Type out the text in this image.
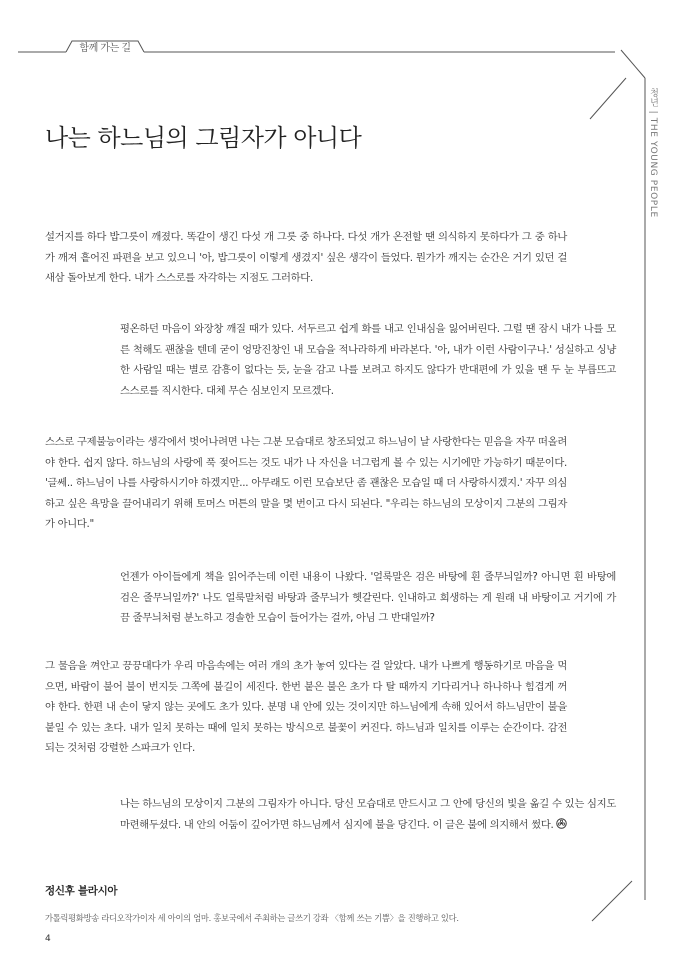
함께 가는 길
청년 | THE YOUNG PEOPLE
나는 하느님의 그림자가 아니다

설거지를 하다 밥그릇이 깨졌다. 똑같이 생긴 다섯 개 그릇 중 하나다. 다섯 개가 온전할 땐 의식하지 못하다가 그 중 하나가 깨져 흩어진 파편을 보고 있으니 '아, 밥그릇이 이렇게 생겼지' 싶은 생각이 들었다. 뭔가가 깨지는 순간은 거기 있던 걸 새삼 돌아보게 한다. 내가 스스로를 자각하는 지점도 그러하다.

평온하던 마음이 와장창 깨질 때가 있다. 서두르고 쉽게 화를 내고 인내심을 잃어버린다. 그럴 땐 잠시 내가 나를 모른 척해도 괜찮을 텐데 굳이 엉망진창인 내 모습을 적나라하게 바라본다. '아, 내가 이런 사람이구나.' 성실하고 싱냥한 사람일 때는 별로 감흥이 없다는 듯, 눈을 감고 나를 보려고 하지도 않다가 반대편에 가 있을 땐 두 눈 부릅뜨고 스스로를 직시한다. 대체 무슨 심보인지 모르겠다.

스스로 구제불능이라는 생각에서 벗어나려면 나는 그분 모습대로 창조되었고 하느님이 날 사랑한다는 믿음을 자꾸 떠올려야 한다. 쉽지 않다. 하느님의 사랑에 푹 젖어드는 것도 내가 나 자신을 너그럽게 볼 수 있는 시기에만 가능하기 때문이다. '글쎄.. 하느님이 나를 사랑하시기야 하겠지만... 아무래도 이런 모습보단 좀 괜찮은 모습일 때 더 사랑하시겠지.' 자꾸 의심하고 싶은 욕망을 끌어내리기 위해 토머스 머튼의 말을 몇 번이고 다시 되뇐다. "우리는 하느님의 모상이지 그분의 그림자가 아니다."

언젠가 아이들에게 책을 읽어주는데 이런 내용이 나왔다. '얼룩말은 검은 바탕에 흰 줄무늬일까? 아니면 흰 바탕에 검은 줄무늬일까?' 나도 얼룩말처럼 바탕과 줄무늬가 헷갈린다. 인내하고 희생하는 게 원래 내 바탕이고 거기에 가끔 줄무늬처럼 분노하고 경솔한 모습이 들어가는 걸까, 아님 그 반대일까?

그 물음을 껴안고 끙끙대다가 우리 마음속에는 여러 개의 초가 놓여 있다는 걸 알았다. 내가 나쁘게 행동하기로 마음을 먹으면, 바람이 불어 불이 번지듯 그쪽에 불길이 세진다. 한번 붙은 불은 초가 다 탈 때까지 기다리거나 하나하나 힘겹게 꺼야 한다. 한편 내 손이 닿지 않는 곳에도 초가 있다. 분명 내 안에 있는 것이지만 하느님에게 속해 있어서 하느님만이 불을 붙일 수 있는 초다. 내가 일치 못하는 때에 일치 못하는 방식으로 불꽃이 커진다. 하느님과 일치를 이루는 순간이다. 감전되는 것처럼 강렬한 스파크가 인다.

나는 하느님의 모상이지 그분의 그림자가 아니다. 당신 모습대로 만드시고 그 안에 당신의 빛을 옮길 수 있는 심지도 마련해두셨다. 내 안의 어둠이 깊어가면 하느님께서 심지에 불을 당긴다. 이 글은 불에 의지해서 썼다.

정신후 블라시아

가톨릭평화방송 라디오작가이자 세 아이의 엄마. 홍보국에서 주최하는 글쓰기 강좌 〈함께 쓰는 기쁨〉을 진행하고 있다.

4
